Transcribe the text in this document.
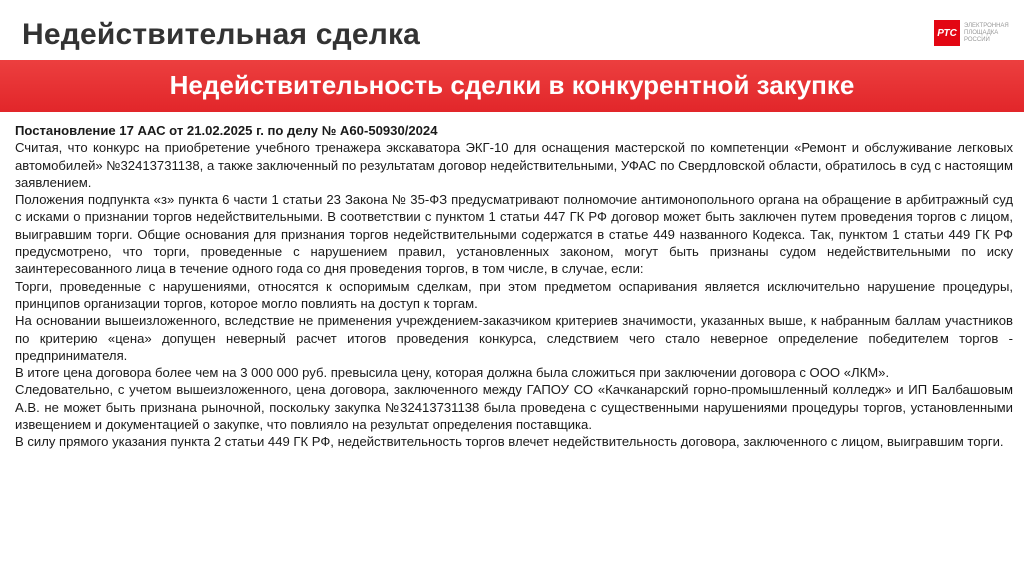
Недействительная сделка	РТС
ЭЛЕКТРОННАЯ ПЛОЩАДКА РОССИИ
Недействительность сделки в конкурентной закупке

Постановление 17 ААС от 21.02.2025 г. по делу № А60-50930/2024

Считая, что конкурс на приобретение учебного тренажера экскаватора ЭКГ-10 для оснащения мастерской по компетенции «Ремонт и обслуживание легковых автомобилей» №32413731138, а также заключенный по результатам договор недействительными, УФАС по Свердловской области, обратилось в суд с настоящим заявлением.

Положения подпункта «з» пункта 6 части 1 статьи 23 Закона № 35-ФЗ предусматривают полномочие антимонопольного органа на обращение в арбитражный суд с исками о признании торгов недействительными. В соответствии с пунктом 1 статьи 447 ГК РФ договор может быть заключен путем проведения торгов с лицом, выигравшим торги. Общие основания для признания торгов недействительными содержатся в статье 449 названного Кодекса. Так, пунктом 1 статьи 449 ГК РФ предусмотрено, что торги, проведенные с нарушением правил, установленных законом, могут быть признаны судом недействительными по иску заинтересованного лица в течение одного года со дня проведения торгов, в том числе, в случае, если:

Торги, проведенные с нарушениями, относятся к оспоримым сделкам, при этом предметом оспаривания является исключительно нарушение процедуры, принципов организации торгов, которое могло повлиять на доступ к торгам.

На основании вышеизложенного, вследствие не применения учреждением-заказчиком критериев значимости, указанных выше, к набранным баллам участников по критерию «цена» допущен неверный расчет итогов проведения конкурса, следствием чего стало неверное определение победителем торгов - предпринимателя.

В итоге цена договора более чем на 3 000 000 руб. превысила цену, которая должна была сложиться при заключении договора с ООО «ЛКМ».

Следовательно, с учетом вышеизложенного, цена договора, заключенного между ГАПОУ СО «Качканарский горно-промышленный колледж» и ИП Балбашовым А.В. не может быть признана рыночной, поскольку закупка №32413731138 была проведена с существенными нарушениями процедуры торгов, установленными извещением и документацией о закупке, что повлияло на результат определения поставщика.

В силу прямого указания пункта 2 статьи 449 ГК РФ, недействительность торгов влечет недействительность договора, заключенного с лицом, выигравшим торги.
